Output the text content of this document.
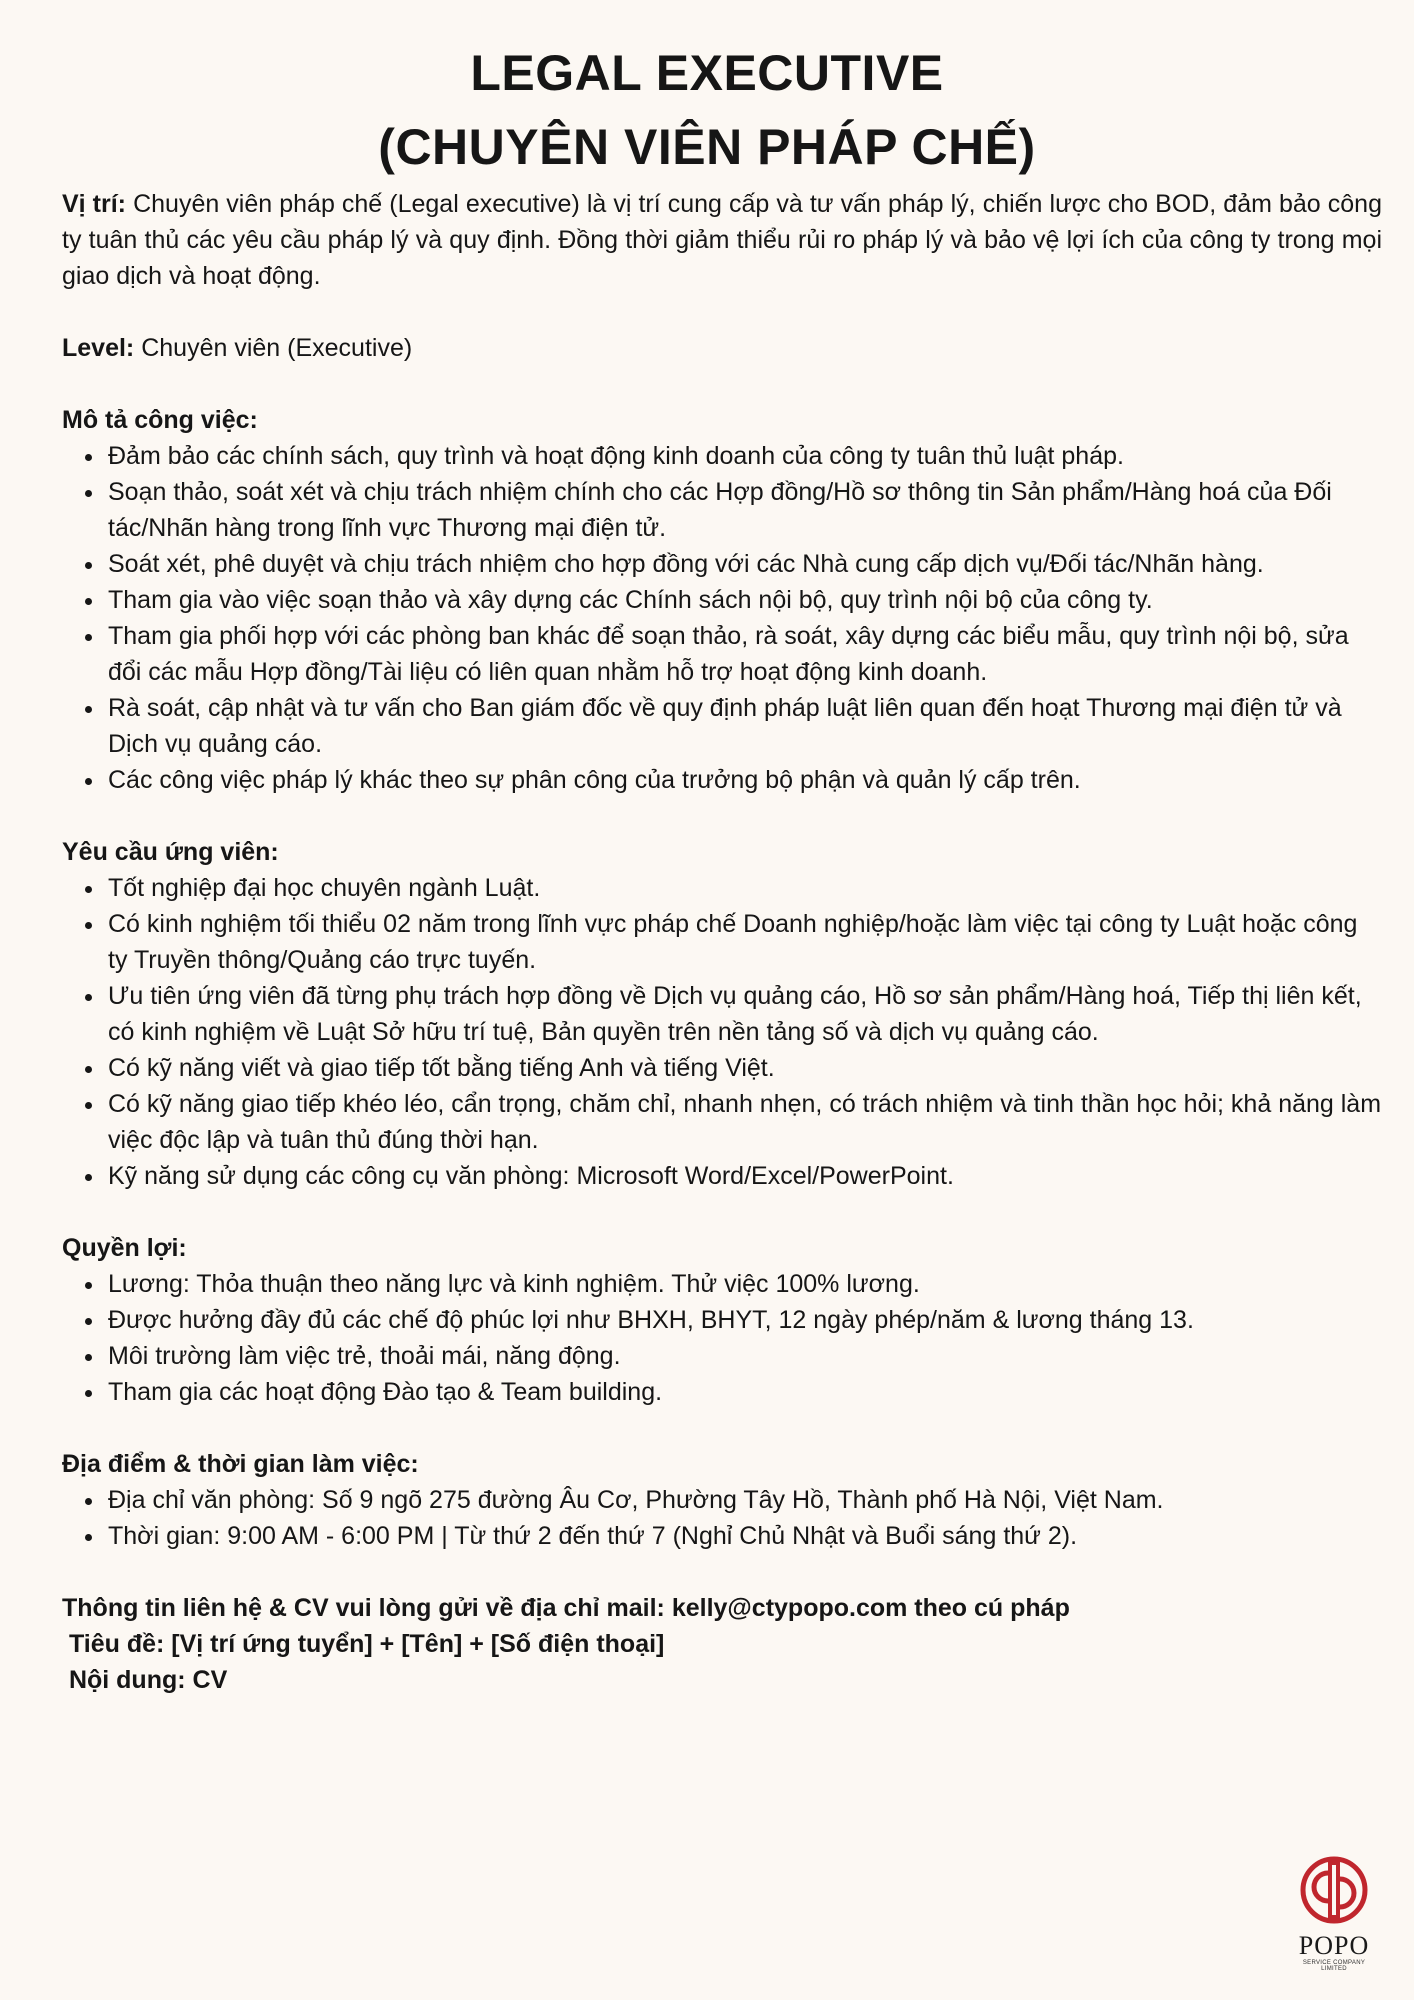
LEGAL EXECUTIVE
(CHUYÊN VIÊN PHÁP CHẾ)

Vị trí: Chuyên viên pháp chế (Legal executive) là vị trí cung cấp và tư vấn pháp lý, chiến lược cho BOD, đảm bảo công ty tuân thủ các yêu cầu pháp lý và quy định. Đồng thời giảm thiểu rủi ro pháp lý và bảo vệ lợi ích của công ty trong mọi giao dịch và hoạt động.

Level: Chuyên viên (Executive)

Mô tả công việc:

• Đảm bảo các chính sách, quy trình và hoạt động kinh doanh của công ty tuân thủ luật pháp.
• Soạn thảo, soát xét và chịu trách nhiệm chính cho các Hợp đồng/Hồ sơ thông tin Sản phẩm/Hàng hoá của Đối tác/Nhãn hàng trong lĩnh vực Thương mại điện tử.
• Soát xét, phê duyệt và chịu trách nhiệm cho hợp đồng với các Nhà cung cấp dịch vụ/Đối tác/Nhãn hàng.
• Tham gia vào việc soạn thảo và xây dựng các Chính sách nội bộ, quy trình nội bộ của công ty.
• Tham gia phối hợp với các phòng ban khác để soạn thảo, rà soát, xây dựng các biểu mẫu, quy trình nội bộ, sửa đổi các mẫu Hợp đồng/Tài liệu có liên quan nhằm hỗ trợ hoạt động kinh doanh.
• Rà soát, cập nhật và tư vấn cho Ban giám đốc về quy định pháp luật liên quan đến hoạt Thương mại điện tử và Dịch vụ quảng cáo.
• Các công việc pháp lý khác theo sự phân công của trưởng bộ phận và quản lý cấp trên.

Yêu cầu ứng viên:

• Tốt nghiệp đại học chuyên ngành Luật.
• Có kinh nghiệm tối thiểu 02 năm trong lĩnh vực pháp chế Doanh nghiệp/hoặc làm việc tại công ty Luật hoặc công ty Truyền thông/Quảng cáo trực tuyến.
• Ưu tiên ứng viên đã từng phụ trách hợp đồng về Dịch vụ quảng cáo, Hồ sơ sản phẩm/Hàng hoá, Tiếp thị liên kết, có kinh nghiệm về Luật Sở hữu trí tuệ, Bản quyền trên nền tảng số và dịch vụ quảng cáo.
• Có kỹ năng viết và giao tiếp tốt bằng tiếng Anh và tiếng Việt.
• Có kỹ năng giao tiếp khéo léo, cẩn trọng, chăm chỉ, nhanh nhẹn, có trách nhiệm và tinh thần học hỏi; khả năng làm việc độc lập và tuân thủ đúng thời hạn.
• Kỹ năng sử dụng các công cụ văn phòng: Microsoft Word/Excel/PowerPoint.

Quyền lợi:

• Lương: Thỏa thuận theo năng lực và kinh nghiệm. Thử việc 100% lương.
• Được hưởng đầy đủ các chế độ phúc lợi như BHXH, BHYT, 12 ngày phép/năm & lương tháng 13.
• Môi trường làm việc trẻ, thoải mái, năng động.
• Tham gia các hoạt động Đào tạo & Team building.

Địa điểm & thời gian làm việc:

• Địa chỉ văn phòng: Số 9 ngõ 275 đường Âu Cơ, Phường Tây Hồ, Thành phố Hà Nội, Việt Nam.
• Thời gian: 9:00 AM - 6:00 PM | Từ thứ 2 đến thứ 7 (Nghỉ Chủ Nhật và Buổi sáng thứ 2).

Thông tin liên hệ & CV vui lòng gửi về địa chỉ mail: kelly@ctypopo.com theo cú pháp

Tiêu đề: [Vị trí ứng tuyển] + [Tên] + [Số điện thoại]

Nội dung: CV

POPO
SERVICE COMPANY LIMITED
